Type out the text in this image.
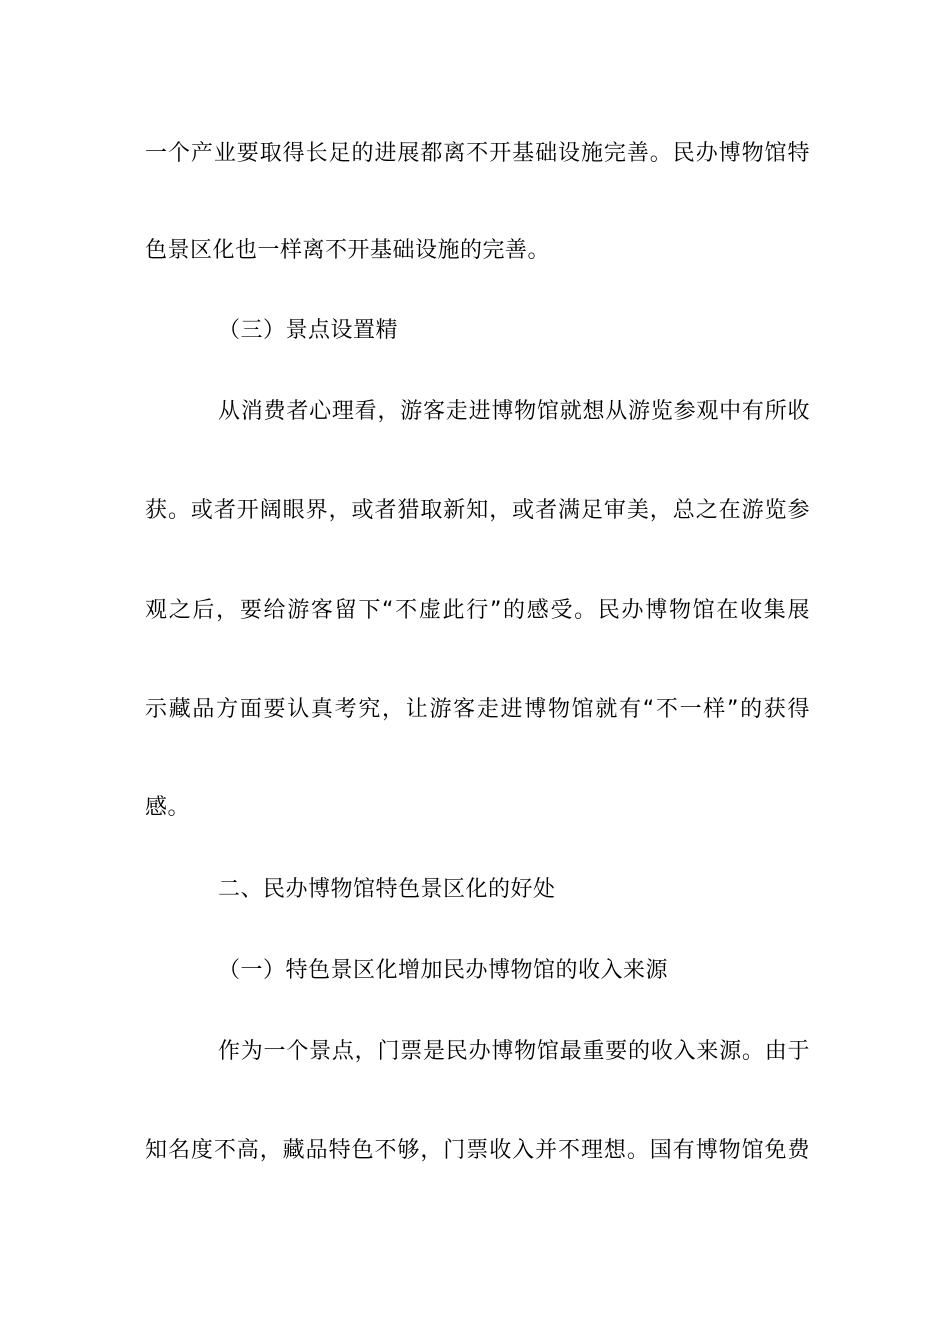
一个产业要取得长足的进展都离不开基础设施完善。民办博物馆特
色景区化也一样离不开基础设施的完善。
（三）景点设置精
从消费者心理看，游客走进博物馆就想从游览参观中有所收
获。或者开阔眼界，或者猎取新知，或者满足审美，总之在游览参
观之后，要给游客留下“不虚此行”的感受。民办博物馆在收集展
示藏品方面要认真考究，让游客走进博物馆就有“不一样”的获得
感。
二、民办博物馆特色景区化的好处
（一）特色景区化增加民办博物馆的收入来源
作为一个景点，门票是民办博物馆最重要的收入来源。由于
知名度不高，藏品特色不够，门票收入并不理想。国有博物馆免费
